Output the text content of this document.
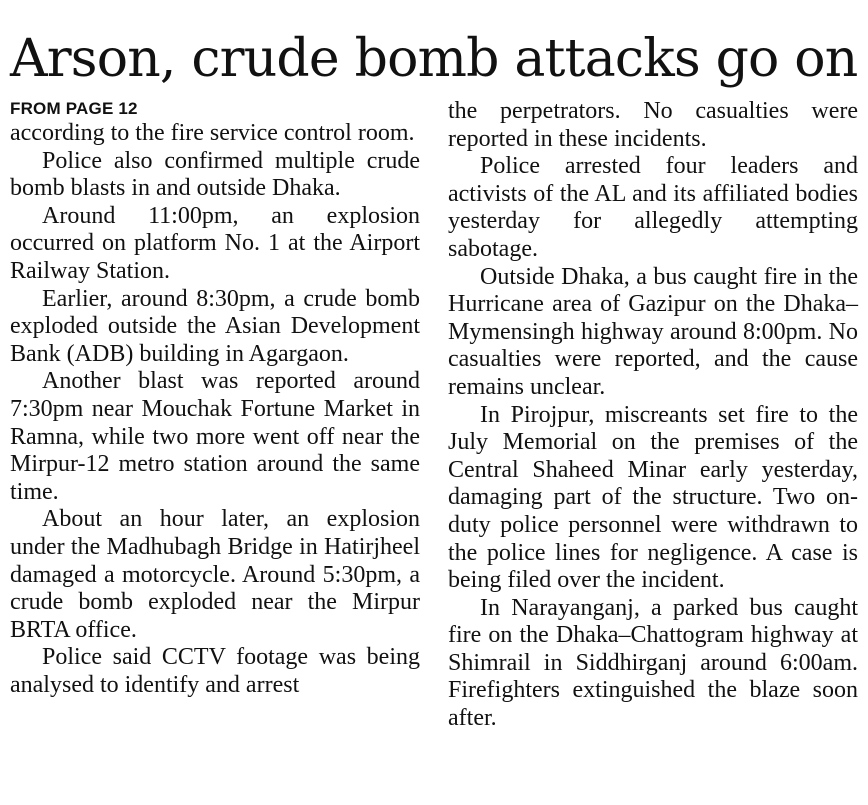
Arson, crude bomb attacks go on
FROM PAGE 12

according to the fire service control room.

Police also confirmed multiple crude bomb blasts in and outside Dhaka.

Around 11:00pm, an explosion occurred on platform No. 1 at the Airport Railway Station.

Earlier, around 8:30pm, a crude bomb exploded outside the Asian Development Bank (ADB) building in Agargaon.

Another blast was reported around 7:30pm near Mouchak Fortune Market in Ramna, while two more went off near the Mirpur-12 metro station around the same time.

About an hour later, an explosion under the Madhubagh Bridge in Hatirjheel damaged a motorcycle. Around 5:30pm, a crude bomb exploded near the Mirpur BRTA office.

Police said CCTV footage was being analysed to identify and arrest

the perpetrators. No casualties were reported in these incidents.

Police arrested four leaders and activists of the AL and its affiliated bodies yesterday for allegedly attempting sabotage.

Outside Dhaka, a bus caught fire in the Hurricane area of Gazipur on the Dhaka–Mymensingh highway around 8:00pm. No casualties were reported, and the cause remains unclear.

In Pirojpur, miscreants set fire to the July Memorial on the premises of the Central Shaheed Minar early yesterday, damaging part of the structure. Two on-duty police personnel were withdrawn to the police lines for negligence. A case is being filed over the incident.

In Narayanganj, a parked bus caught fire on the Dhaka–Chattogram highway at Shimrail in Siddhirganj around 6:00am. Firefighters extinguished the blaze soon after.
